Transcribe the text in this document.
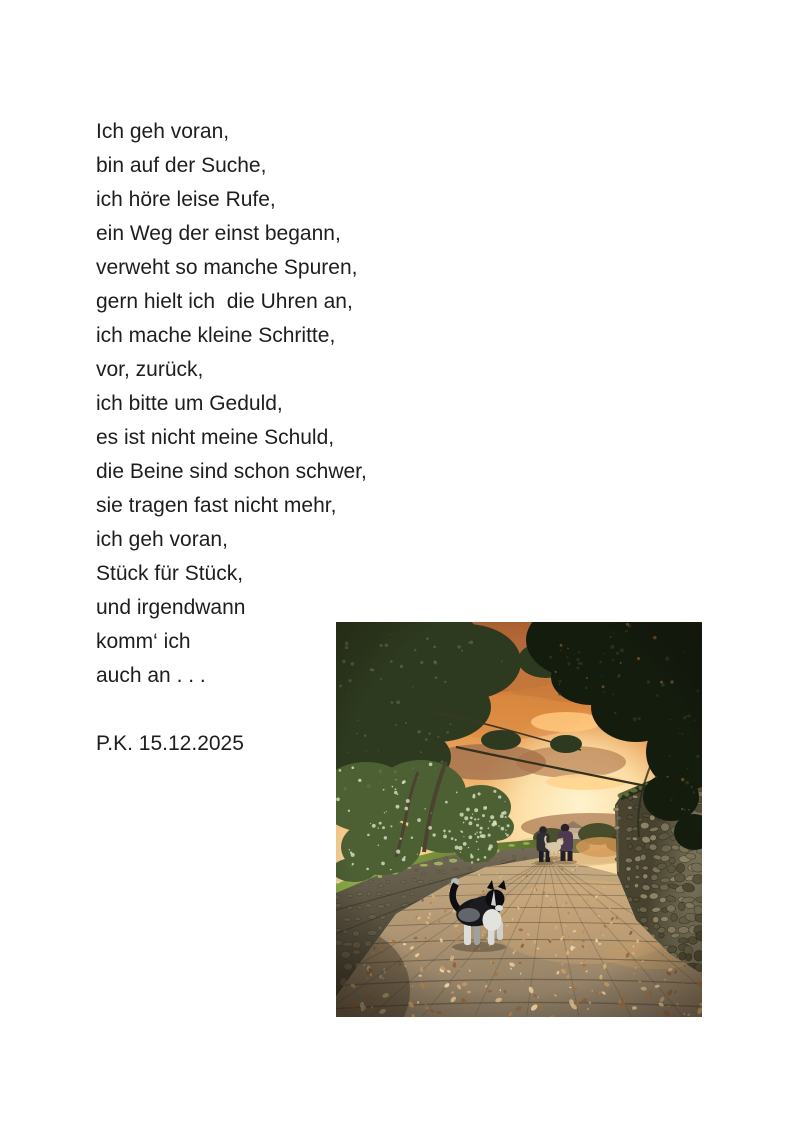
Ich geh voran,
bin auf der Suche,
ich höre leise Rufe,
ein Weg der einst begann,
verweht so manche Spuren,
gern hielt ich  die Uhren an,
ich mache kleine Schritte,
vor, zurück,
ich bitte um Geduld,
es ist nicht meine Schuld,
die Beine sind schon schwer,
sie tragen fast nicht mehr,
ich geh voran,
Stück für Stück,
und irgendwann
komm‘ ich
auch an . . .
P.K. 15.12.2025
